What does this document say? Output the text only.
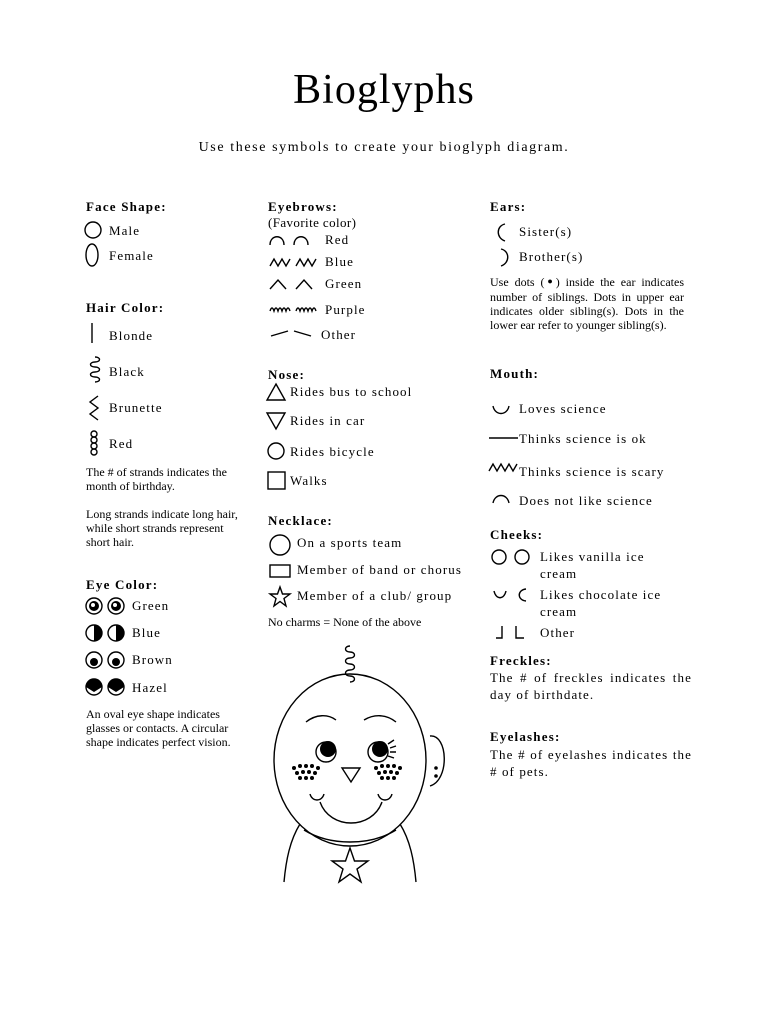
Bioglyphs
Use these symbols to create your bioglyph diagram.
Face Shape:
Male
Female
Hair Color:
Blonde
Black
Brunette
Red
The # of strands indicates the month of birthday.
Long strands indicate long hair, while short strands represent short hair.
Eye Color:
Green
Blue
Brown
Hazel
An oval eye shape indicates glasses or contacts. A circular shape indicates perfect vision.
Eyebrows:
(Favorite color)
Red
Blue
Green
Purple
Other
Nose:
Rides bus to school
Rides in car
Rides bicycle
Walks
Necklace:
On a sports team
Member of band or chorus
Member of a club/ group
No charms = None of the above
Ears:
Sister(s)
Brother(s)
Use dots (●) inside the ear indicates number of siblings. Dots in upper ear indicates older sibling(s). Dots in the lower ear refer to younger sibling(s).
Mouth:
Loves science
Thinks science is ok
Thinks science is scary
Does not like science
Cheeks:
Likes vanilla ice cream
Likes chocolate ice cream
Other
Freckles:
The # of freckles indicates the day of birthdate.
Eyelashes:
The # of eyelashes indicates the # of pets.
